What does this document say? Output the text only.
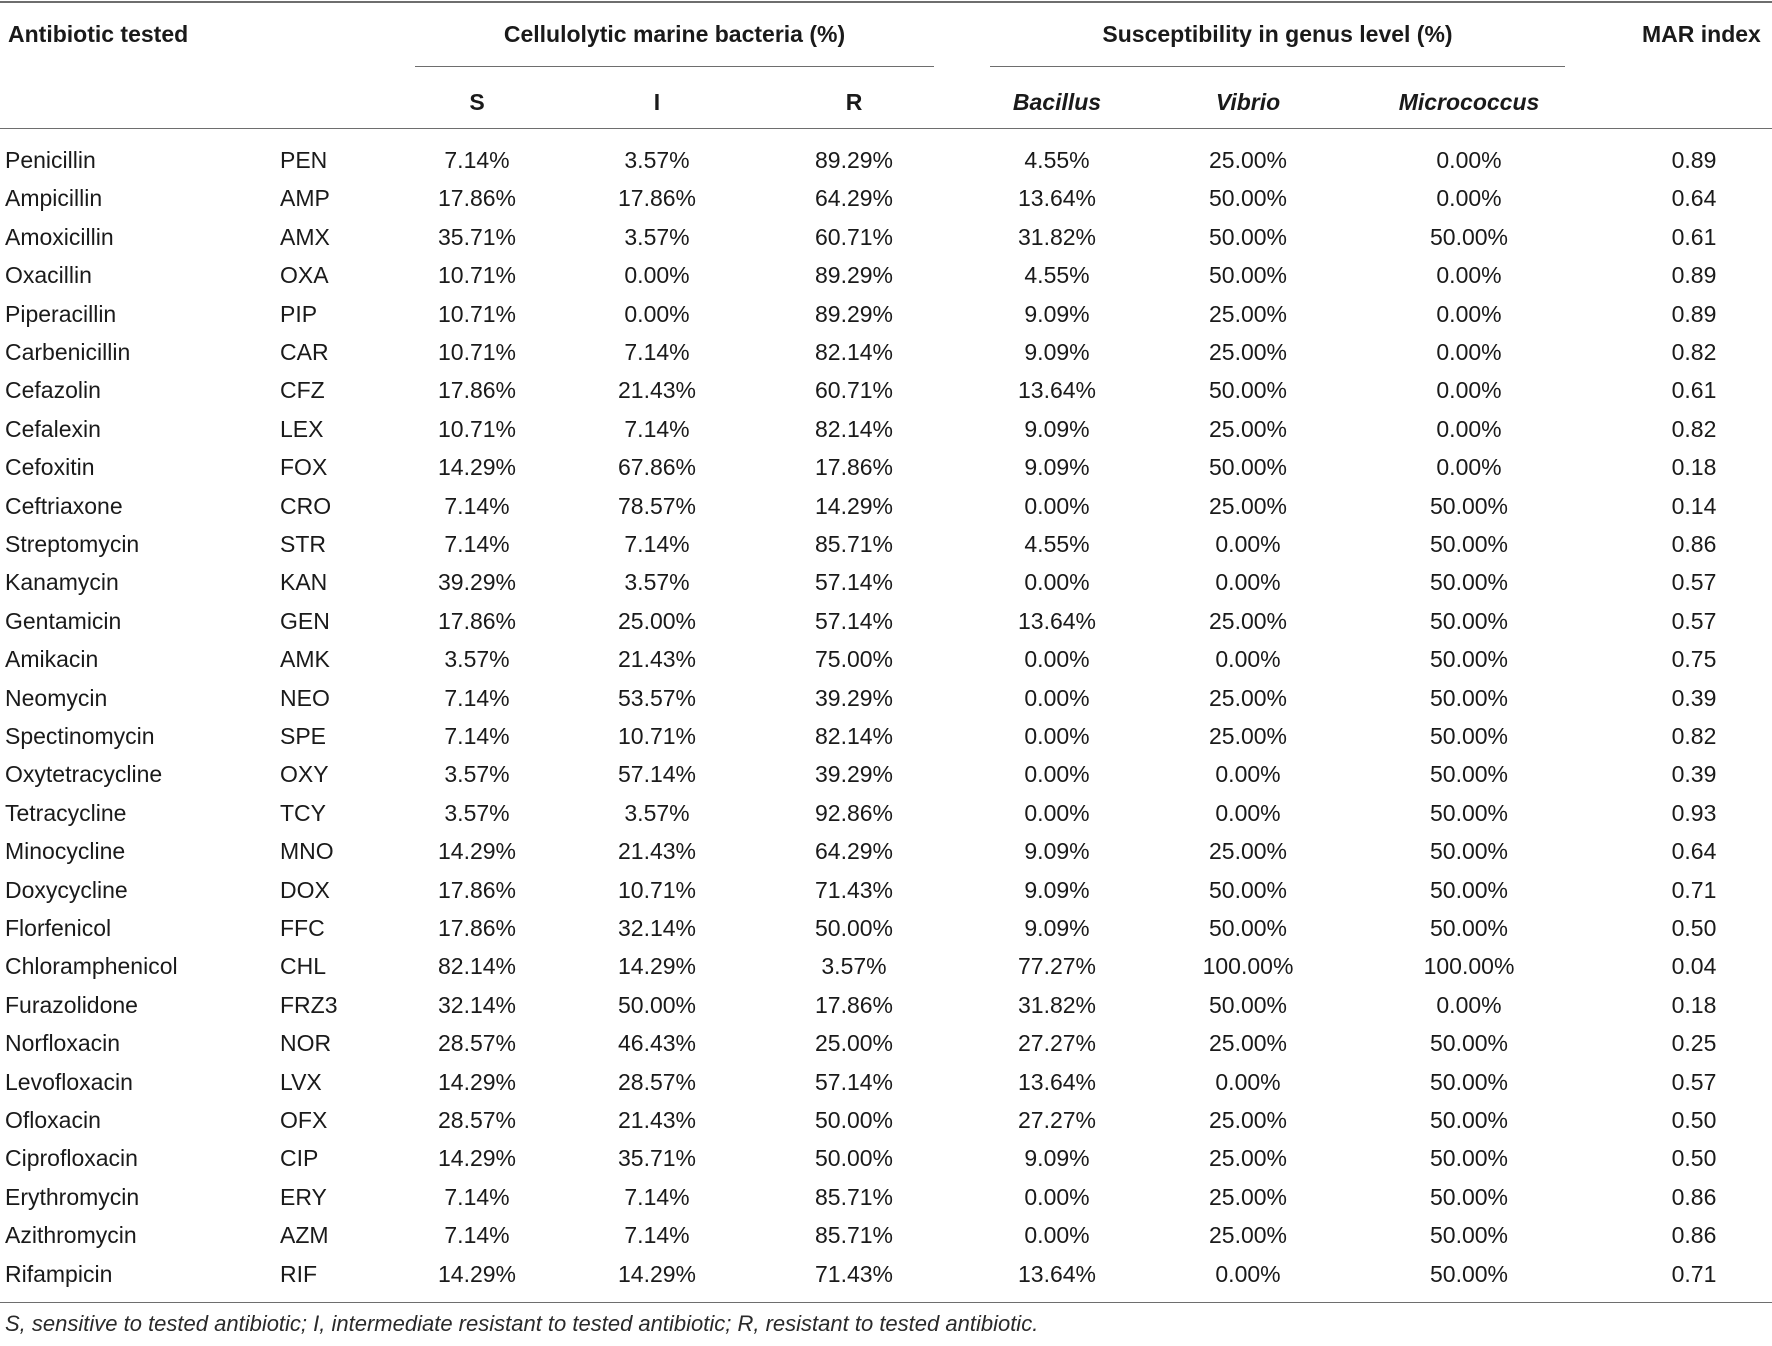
Antibiotic tested	Cellulolytic marine bacteria (%)	Susceptibility in genus level (%)	MAR index
S	I	R	Bacillus	Vibrio	Micrococcus
Penicillin	PEN	7.14%	3.57%	89.29%	4.55%	25.00%	0.00%	0.89
Ampicillin	AMP	17.86%	17.86%	64.29%	13.64%	50.00%	0.00%	0.64
Amoxicillin	AMX	35.71%	3.57%	60.71%	31.82%	50.00%	50.00%	0.61
Oxacillin	OXA	10.71%	0.00%	89.29%	4.55%	50.00%	0.00%	0.89
Piperacillin	PIP	10.71%	0.00%	89.29%	9.09%	25.00%	0.00%	0.89
Carbenicillin	CAR	10.71%	7.14%	82.14%	9.09%	25.00%	0.00%	0.82
Cefazolin	CFZ	17.86%	21.43%	60.71%	13.64%	50.00%	0.00%	0.61
Cefalexin	LEX	10.71%	7.14%	82.14%	9.09%	25.00%	0.00%	0.82
Cefoxitin	FOX	14.29%	67.86%	17.86%	9.09%	50.00%	0.00%	0.18
Ceftriaxone	CRO	7.14%	78.57%	14.29%	0.00%	25.00%	50.00%	0.14
Streptomycin	STR	7.14%	7.14%	85.71%	4.55%	0.00%	50.00%	0.86
Kanamycin	KAN	39.29%	3.57%	57.14%	0.00%	0.00%	50.00%	0.57
Gentamicin	GEN	17.86%	25.00%	57.14%	13.64%	25.00%	50.00%	0.57
Amikacin	AMK	3.57%	21.43%	75.00%	0.00%	0.00%	50.00%	0.75
Neomycin	NEO	7.14%	53.57%	39.29%	0.00%	25.00%	50.00%	0.39
Spectinomycin	SPE	7.14%	10.71%	82.14%	0.00%	25.00%	50.00%	0.82
Oxytetracycline	OXY	3.57%	57.14%	39.29%	0.00%	0.00%	50.00%	0.39
Tetracycline	TCY	3.57%	3.57%	92.86%	0.00%	0.00%	50.00%	0.93
Minocycline	MNO	14.29%	21.43%	64.29%	9.09%	25.00%	50.00%	0.64
Doxycycline	DOX	17.86%	10.71%	71.43%	9.09%	50.00%	50.00%	0.71
Florfenicol	FFC	17.86%	32.14%	50.00%	9.09%	50.00%	50.00%	0.50
Chloramphenicol	CHL	82.14%	14.29%	3.57%	77.27%	100.00%	100.00%	0.04
Furazolidone	FRZ3	32.14%	50.00%	17.86%	31.82%	50.00%	0.00%	0.18
Norfloxacin	NOR	28.57%	46.43%	25.00%	27.27%	25.00%	50.00%	0.25
Levofloxacin	LVX	14.29%	28.57%	57.14%	13.64%	0.00%	50.00%	0.57
Ofloxacin	OFX	28.57%	21.43%	50.00%	27.27%	25.00%	50.00%	0.50
Ciprofloxacin	CIP	14.29%	35.71%	50.00%	9.09%	25.00%	50.00%	0.50
Erythromycin	ERY	7.14%	7.14%	85.71%	0.00%	25.00%	50.00%	0.86
Azithromycin	AZM	7.14%	7.14%	85.71%	0.00%	25.00%	50.00%	0.86
Rifampicin	RIF	14.29%	14.29%	71.43%	13.64%	0.00%	50.00%	0.71
S, sensitive to tested antibiotic; I, intermediate resistant to tested antibiotic; R, resistant to tested antibiotic.
